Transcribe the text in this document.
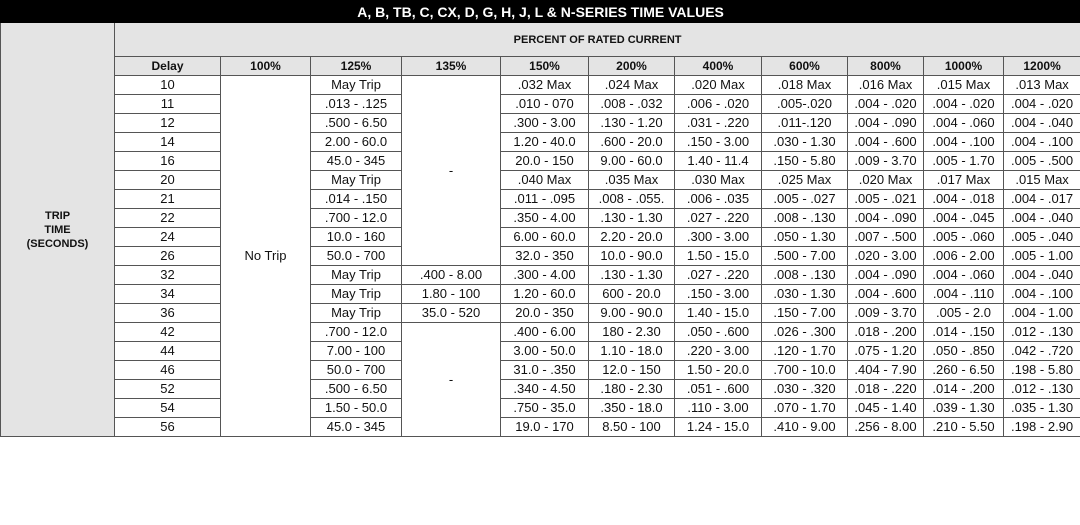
A, B, TB, C, CX, D, G, H, J, L & N-SERIES TIME VALUES											

TRIP
TIME
(SECONDS)	PERCENT OF RATED CURRENT										
	Delay	100%	125%	135%	150%	200%	400%	600%	800%	1000%	1200%
	10	No Trip	May Trip	-	.032 Max	.024 Max	.020 Max	.018 Max	.016 Max	.015 Max	.013 Max
	11		.013 - .125		.010 - 070	.008 - .032	.006 - .020	.005-.020	.004 - .020	.004 - .020	.004 - .020
	12		.500 - 6.50		.300 - 3.00	.130 - 1.20	.031 - .220	.011-.120	.004 - .090	.004 - .060	.004 - .040
	14		2.00 - 60.0		1.20 - 40.0	.600 - 20.0	.150 - 3.00	.030 - 1.30	.004 - .600	.004 - .100	.004 - .100
	16		45.0 - 345		20.0 - 150	9.00 - 60.0	1.40 - 11.4	.150 - 5.80	.009 - 3.70	.005 - 1.70	.005 - .500
	20		May Trip		.040 Max	.035 Max	.030 Max	.025 Max	.020 Max	.017 Max	.015 Max
	21		.014 - .150		.011 - .095	.008 - .055.	.006 - .035	.005 - .027	.005 - .021	.004 - .018	.004 - .017
	22		.700 - 12.0		.350 - 4.00	.130 - 1.30	.027 - .220	.008 - .130	.004 - .090	.004 - .045	.004 - .040
	24		10.0 - 160		6.00 - 60.0	2.20 - 20.0	.300 - 3.00	.050 - 1.30	.007 - .500	.005 - .060	.005 - .040
	26		50.0 - 700		32.0 - 350	10.0 - 90.0	1.50 - 15.0	.500 - 7.00	.020 - 3.00	.006 - 2.00	.005 - 1.00
	32		May Trip	.400 - 8.00	.300 - 4.00	.130 - 1.30	.027 - .220	.008 - .130	.004 - .090	.004 - .060	.004 - .040
	34		May Trip	1.80 - 100	1.20 - 60.0	600 - 20.0	.150 - 3.00	.030 - 1.30	.004 - .600	.004 - .110	.004 - .100
	36		May Trip	35.0 - 520	20.0 - 350	9.00 - 90.0	1.40 - 15.0	.150 - 7.00	.009 - 3.70	.005 - 2.0	.004 - 1.00
	42		.700 - 12.0	-	.400 - 6.00	180 - 2.30	.050 - .600	.026 - .300	.018 - .200	.014 - .150	.012 - .130
	44		7.00 - 100		3.00 - 50.0	1.10 - 18.0	.220 - 3.00	.120 - 1.70	.075 - 1.20	.050 - .850	.042 - .720
	46		50.0 - 700		31.0 - .350	12.0 - 150	1.50 - 20.0	.700 - 10.0	.404 - 7.90	.260 - 6.50	.198 - 5.80
	52		.500 - 6.50		.340 - 4.50	.180 - 2.30	.051 - .600	.030 - .320	.018 - .220	.014 - .200	.012 - .130
	54		1.50 - 50.0		.750 - 35.0	.350 - 18.0	.110 - 3.00	.070 - 1.70	.045 - 1.40	.039 - 1.30	.035 - 1.30
	56		45.0 - 345		19.0 - 170	8.50 - 100	1.24 - 15.0	.410 - 9.00	.256 - 8.00	.210 - 5.50	.198 - 2.90
